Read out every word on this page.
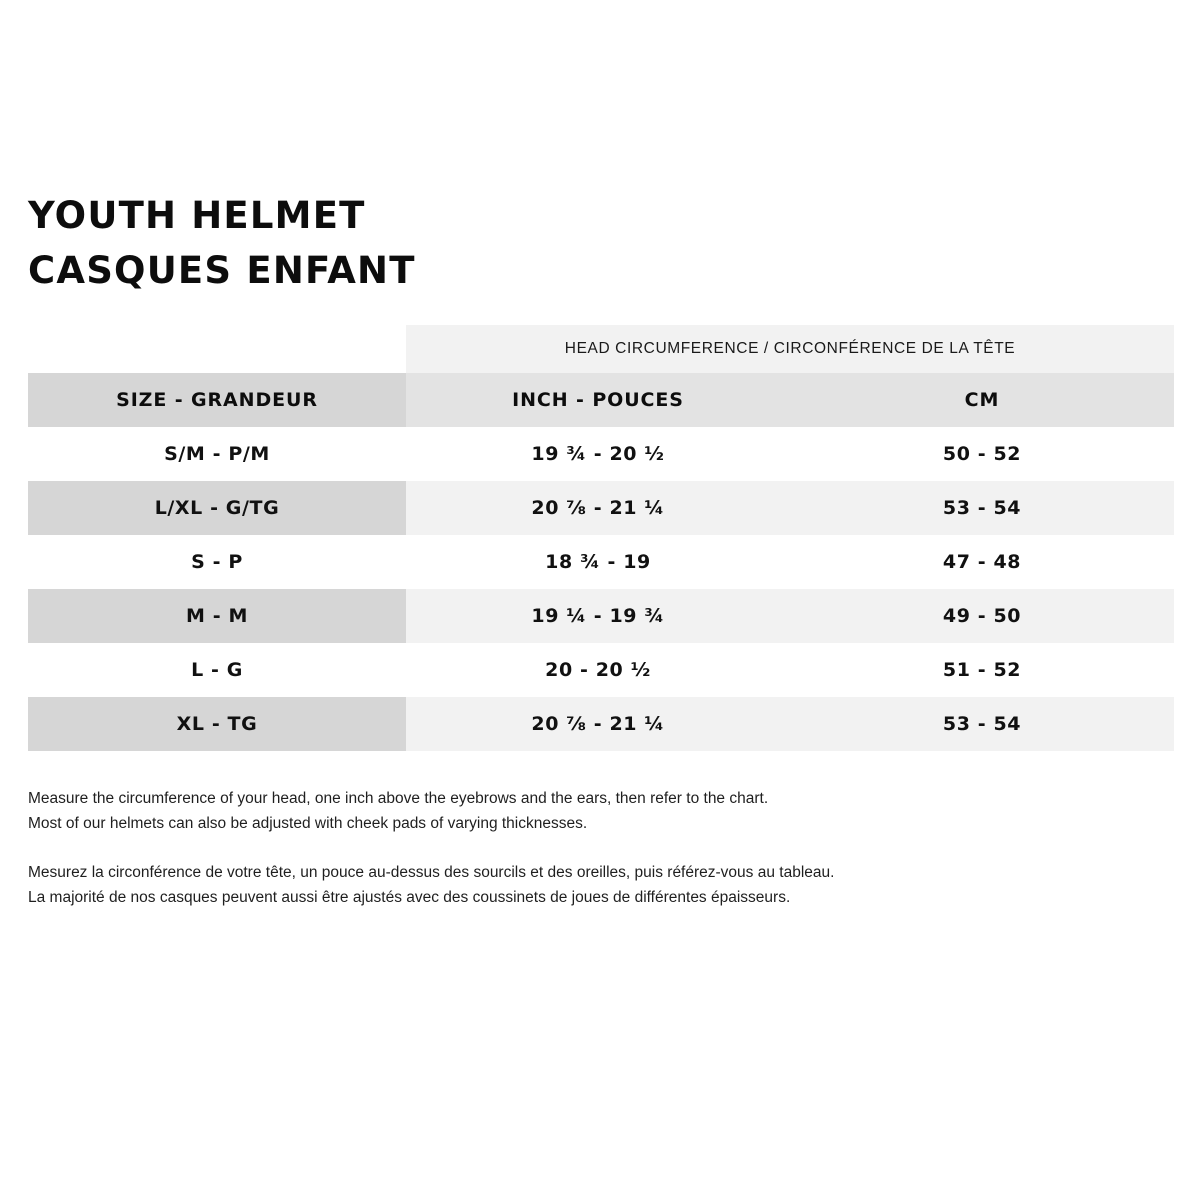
YOUTH HELMET
CASQUES ENFANT
	HEAD CIRCUMFERENCE / CIRCONFÉRENCE DE LA TÊTE	
SIZE - GRANDEUR	INCH - POUCES	CM
S/M - P/M	19 ¾ - 20 ½	50 - 52
L/XL - G/TG	20 ⅞ - 21 ¼	53 - 54
S - P	18 ¾ - 19	47 - 48
M - M	19 ¼ - 19 ¾	49 - 50
L - G	20 - 20 ½	51 - 52
XL - TG	20 ⅞ - 21 ¼	53 - 54

Measure the circumference of your head, one inch above the eyebrows and the ears, then refer to the chart.

Most of our helmets can also be adjusted with cheek pads of varying thicknesses.

Mesurez la circonférence de votre tête, un pouce au-dessus des sourcils et des oreilles, puis référez-vous au tableau.

La majorité de nos casques peuvent aussi être ajustés avec des coussinets de joues de différentes épaisseurs.
